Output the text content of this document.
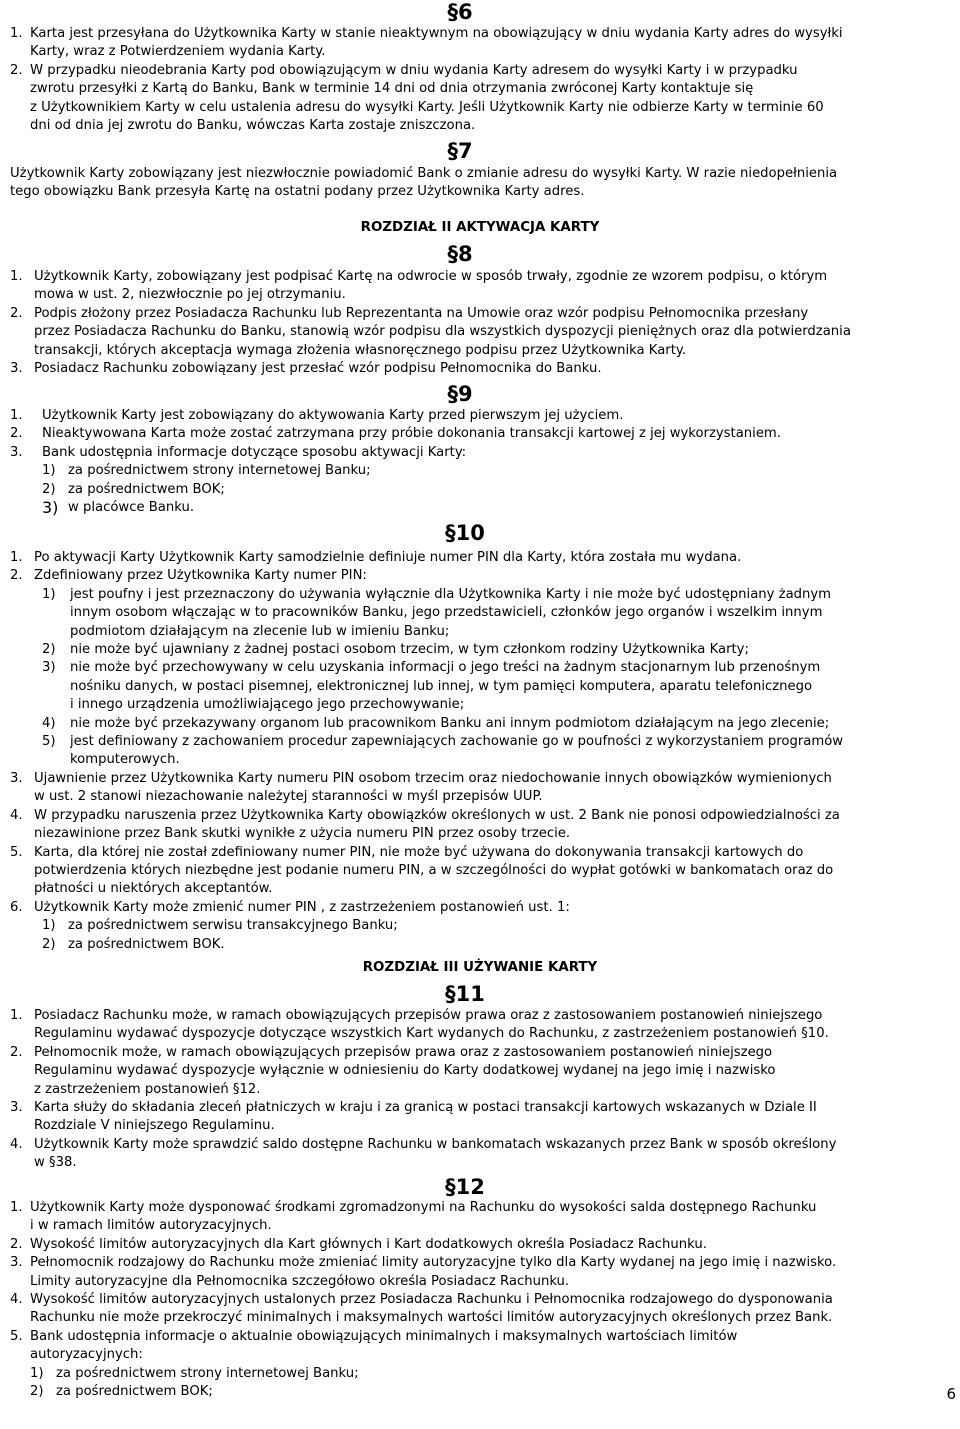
§6
1. Karta jest przesyłana do Użytkownika Karty w stanie nieaktywnym na obowiązujący w dniu wydania Karty adres do wysyłki
Karty, wraz z Potwierdzeniem wydania Karty.
2. W przypadku nieodebrania Karty pod obowiązującym w dniu wydania Karty adresem do wysyłki Karty i w przypadku
zwrotu przesyłki z Kartą do Banku, Bank w terminie 14 dni od dnia otrzymania zwróconej Karty kontaktuje się
z Użytkownikiem Karty w celu ustalenia adresu do wysyłki Karty. Jeśli Użytkownik Karty nie odbierze Karty w terminie 60
dni od dnia jej zwrotu do Banku, wówczas Karta zostaje zniszczona.
§7
Użytkownik Karty zobowiązany jest niezwłocznie powiadomić Bank o zmianie adresu do wysyłki Karty. W razie niedopełnienia
tego obowiązku Bank przesyła Kartę na ostatni podany przez Użytkownika Karty adres.
ROZDZIAŁ II AKTYWACJA KARTY
§8
1. Użytkownik Karty, zobowiązany jest podpisać Kartę na odwrocie w sposób trwały, zgodnie ze wzorem podpisu, o którym
mowa w ust. 2, niezwłocznie po jej otrzymaniu.
2. Podpis złożony przez Posiadacza Rachunku lub Reprezentanta na Umowie oraz wzór podpisu Pełnomocnika przesłany
przez Posiadacza Rachunku do Banku, stanowią wzór podpisu dla wszystkich dyspozycji pieniężnych oraz dla potwierdzania
transakcji, których akceptacja wymaga złożenia własnoręcznego podpisu przez Użytkownika Karty.
3. Posiadacz Rachunku zobowiązany jest przesłać wzór podpisu Pełnomocnika do Banku.
§9
1.	Użytkownik Karty jest zobowiązany do aktywowania Karty przed pierwszym jej użyciem.
2.	Nieaktywowana Karta może zostać zatrzymana przy próbie dokonania transakcji kartowej z jej wykorzystaniem.
3.	Bank udostępnia informacje dotyczące sposobu aktywacji Karty:
1) za pośrednictwem strony internetowej Banku;
2) za pośrednictwem BOK;
3) w placówce Banku.
§10
1. Po aktywacji Karty Użytkownik Karty samodzielnie definiuje numer PIN dla Karty, która została mu wydana.
2. Zdefiniowany przez Użytkownika Karty numer PIN:
1)	jest poufny i jest przeznaczony do używania wyłącznie dla Użytkownika Karty i nie może być udostępniany żadnym
innym osobom włączając w to pracowników Banku, jego przedstawicieli, członków jego organów i wszelkim innym
podmiotom działającym na zlecenie lub w imieniu Banku;
2)	nie może być ujawniany z żadnej postaci osobom trzecim, w tym członkom rodziny Użytkownika Karty;
3)	nie może być przechowywany w celu uzyskania informacji o jego treści na żadnym stacjonarnym lub przenośnym
nośniku danych, w postaci pisemnej, elektronicznej lub innej, w tym pamięci komputera, aparatu telefonicznego
i innego urządzenia umożliwiającego jego przechowywanie;
4)	nie może być przekazywany organom lub pracownikom Banku ani innym podmiotom działającym na jego zlecenie;
5)	jest definiowany z zachowaniem procedur zapewniających zachowanie go w poufności z wykorzystaniem programów
komputerowych.
3. Ujawnienie przez Użytkownika Karty numeru PIN osobom trzecim oraz niedochowanie innych obowiązków wymienionych
w ust. 2 stanowi niezachowanie należytej staranności w myśl przepisów UUP.
4. W przypadku naruszenia przez Użytkownika Karty obowiązków określonych w ust. 2 Bank nie ponosi odpowiedzialności za
niezawinione przez Bank skutki wynikłe z użycia numeru PIN przez osoby trzecie.
5. Karta, dla której nie został zdefiniowany numer PIN, nie może być używana do dokonywania transakcji kartowych do
potwierdzenia których niezbędne jest podanie numeru PIN, a w szczególności do wypłat gotówki w bankomatach oraz do
płatności u niektórych akceptantów.
6. Użytkownik Karty może zmienić numer PIN , z zastrzeżeniem postanowień ust. 1:
1) za pośrednictwem serwisu transakcyjnego Banku;
2) za pośrednictwem BOK.
ROZDZIAŁ III UŻYWANIE KARTY
§11
1. Posiadacz Rachunku może, w ramach obowiązujących przepisów prawa oraz z zastosowaniem postanowień niniejszego
Regulaminu wydawać dyspozycje dotyczące wszystkich Kart wydanych do Rachunku, z zastrzeżeniem postanowień §10.
2. Pełnomocnik może, w ramach obowiązujących przepisów prawa oraz z zastosowaniem postanowień niniejszego
Regulaminu wydawać dyspozycje wyłącznie w odniesieniu do Karty dodatkowej wydanej na jego imię i nazwisko
z zastrzeżeniem postanowień §12.
3. Karta służy do składania zleceń płatniczych w kraju i za granicą w postaci transakcji kartowych wskazanych w Dziale II
Rozdziale V niniejszego Regulaminu.
4. Użytkownik Karty może sprawdzić saldo dostępne Rachunku w bankomatach wskazanych przez Bank w sposób określony
w §38.
§12
1. Użytkownik Karty może dysponować środkami zgromadzonymi na Rachunku do wysokości salda dostępnego Rachunku
i w ramach limitów autoryzacyjnych.
2. Wysokość limitów autoryzacyjnych dla Kart głównych i Kart dodatkowych określa Posiadacz Rachunku.
3. Pełnomocnik rodzajowy do Rachunku może zmieniać limity autoryzacyjne tylko dla Karty wydanej na jego imię i nazwisko.
Limity autoryzacyjne dla Pełnomocnika szczegółowo określa Posiadacz Rachunku.
4. Wysokość limitów autoryzacyjnych ustalonych przez Posiadacza Rachunku i Pełnomocnika rodzajowego do dysponowania
Rachunku nie może przekroczyć minimalnych i maksymalnych wartości limitów autoryzacyjnych określonych przez Bank.
5. Bank udostępnia informacje o aktualnie obowiązujących minimalnych i maksymalnych wartościach limitów
autoryzacyjnych:
1) za pośrednictwem strony internetowej Banku;
2) za pośrednictwem BOK;	6
